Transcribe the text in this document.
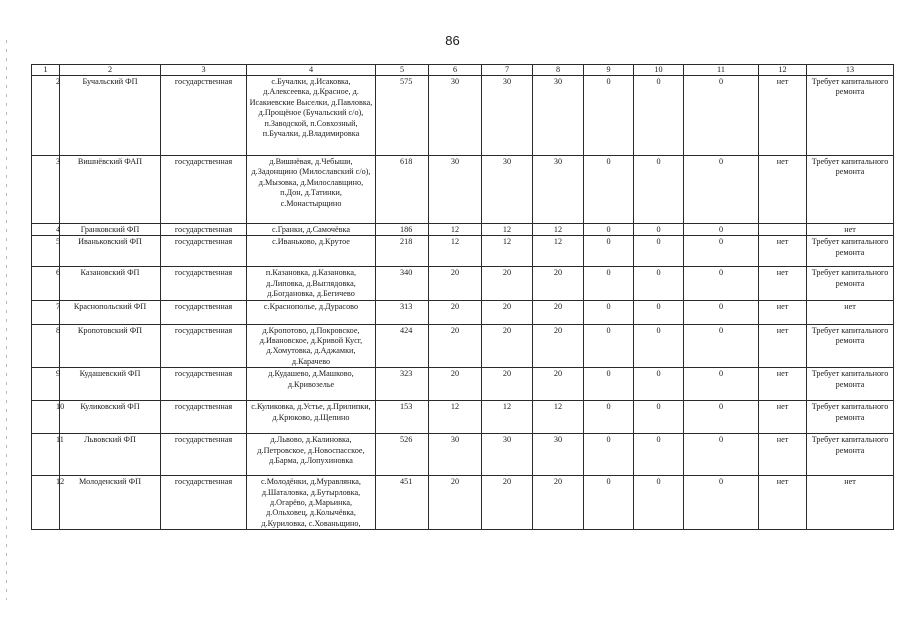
86
1	2	3	4	5	6	7	8	9	10	11	12	13
2	Бучальский ФП	государственная	с.Бучалки, д.Исаковка, д.Алексеевка, д.Красное, д. Исакиевские Выселки, д.Павловка, д.Прощёное (Бучальский с/о), п.Заводской, п.Совхозный, п.Бучалки, д.Владимировка	575	30	30	30	0	0	0	нет	Требует капитального ремонта
3	Вишнёвский ФАП	государственная	д.Вишнёвая, д.Чебыши, д.Задонщино (Милославский с/о), д.Мызовка, д.Милославщино, п.Дон, д.Татинки, с.Монастырщино	618	30	30	30	0	0	0	нет	Требует капитального ремонта
4	Гранковский ФП	государственная	с.Гранки, д.Самочёвка	186	12	12	12	0	0	0		нет
5	Иваньковский ФП	государственная	с.Иваньково, д.Крутое	218	12	12	12	0	0	0	нет	Требует капитального ремонта
6	Казановский ФП	государственная	п.Казановка, д.Казановка, д.Липовка, д.Выглядовка, д.Богдановка, д.Бегичево	340	20	20	20	0	0	0	нет	Требует капитального ремонта
7	Краснопольский ФП	государственная	с.Краснополье, д.Дурасово	313	20	20	20	0	0	0	нет	нет
8	Кропотовский ФП	государственная	д.Кропотово, д.Покровское, д.Ивановское, д.Кривой Кусг, д.Хомутовка, д.Аджамки, д.Карачево	424	20	20	20	0	0	0	нет	Требует капитального ремонта
9	Кудашевский ФП	государственная	д.Кудашево, д.Машково, д.Кривозелье	323	20	20	20	0	0	0	нет	Требует капитального ремонта
10	Куликовский ФП	государственная	с.Куликовка, д.Устье, д.Прилипки, д.Крюково, д.Щепино	153	12	12	12	0	0	0	нет	Требует капитального ремонта
11	Львовский ФП	государственная	д.Львово, д.Калиновка, д.Петровское, д.Новоспасское, д.Барма, д.Лопухиновка	526	30	30	30	0	0	0	нет	Требует капитального ремонта
12	Молоденский ФП	государственная	с.Молодёнки, д.Муравлянка, д.Шаталовка, д.Бутырловка, д.Огарёво, д.Марьинка, д.Ольховец, д.Колычёвка, д.Куриловка, с.Хованьщино,	451	20	20	20	0	0	0	нет	нет
